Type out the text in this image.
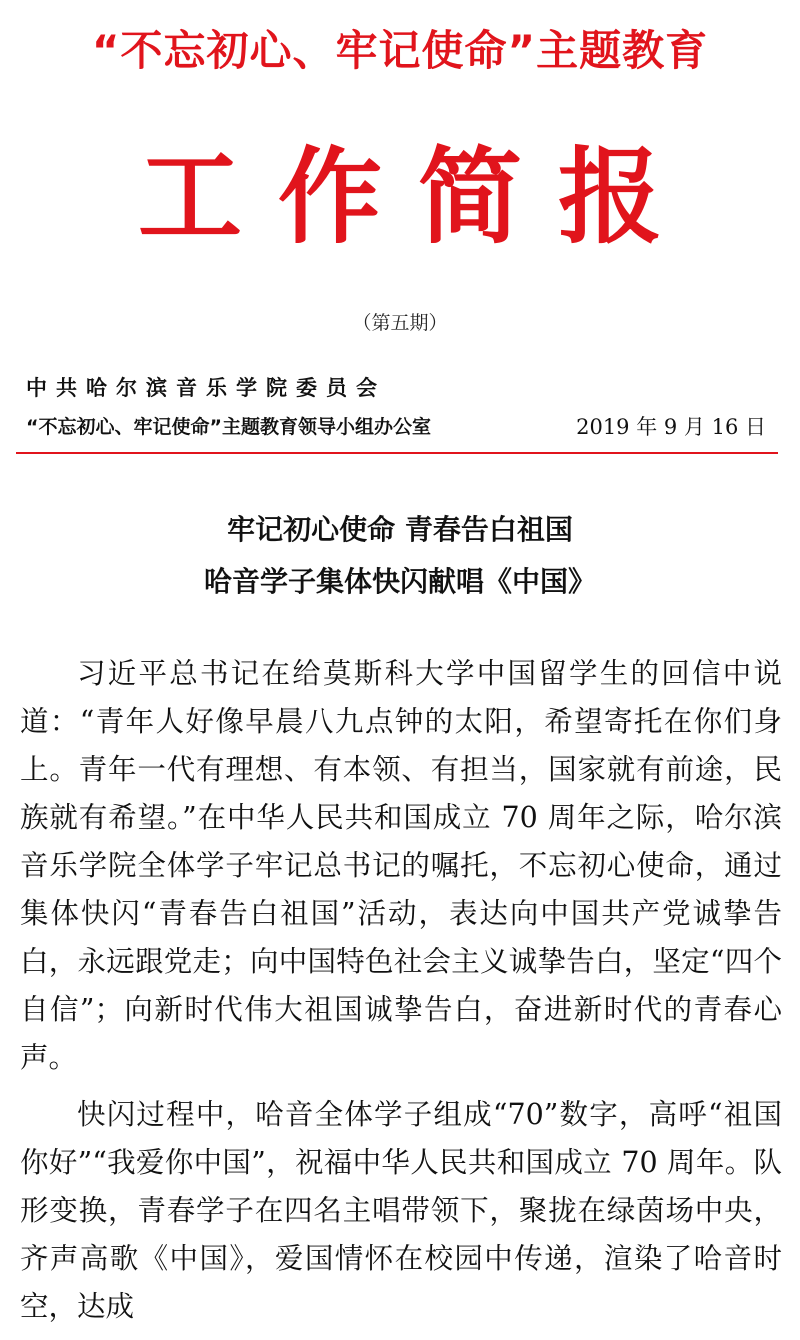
“不忘初心、牢记使命”主题教育
工作简报
（第五期）
中共哈尔滨音乐学院委员会
“不忘初心、牢记使命”主题教育领导小组办公室	2019 年 9 月 16 日
牢记初心使命 青春告白祖国
哈音学子集体快闪献唱《中国》

习近平总书记在给莫斯科大学中国留学生的回信中说道：“青年人好像早晨八九点钟的太阳，希望寄托在你们身上。青年一代有理想、有本领、有担当，国家就有前途，民族就有希望。”在中华人民共和国成立 70 周年之际，哈尔滨音乐学院全体学子牢记总书记的嘱托，不忘初心使命，通过集体快闪“青春告白祖国”活动，表达向中国共产党诚挚告白，永远跟党走；向中国特色社会主义诚挚告白，坚定“四个自信”；向新时代伟大祖国诚挚告白，奋进新时代的青春心声。

快闪过程中，哈音全体学子组成“70”数字，高呼“祖国你好”“我爱你中国”，祝福中华人民共和国成立 70 周年。队形变换，青春学子在四名主唱带领下，聚拢在绿茵场中央，齐声高歌《中国》，爱国情怀在校园中传递，渲染了哈音时空，达成
